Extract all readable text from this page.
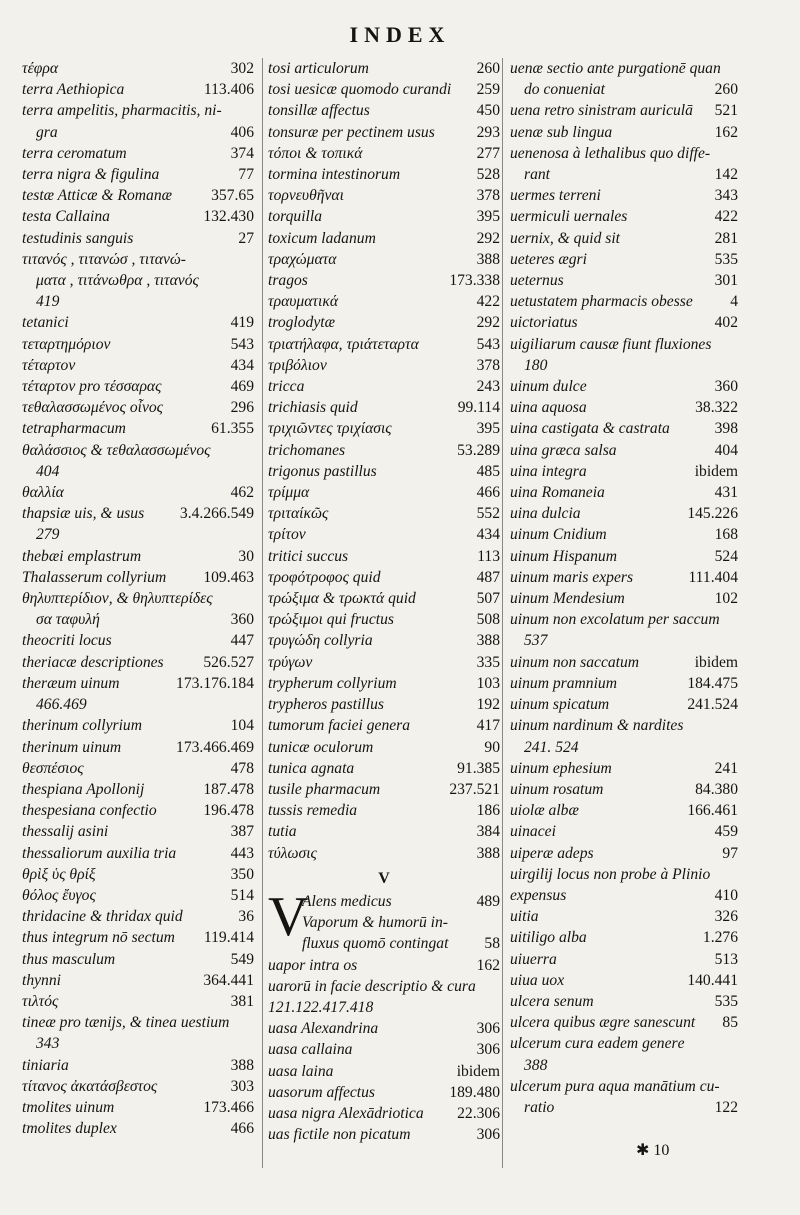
INDEX
τέφρα	302
terra Aethiopica	113.406
terra ampelitis, pharmacitis, ni-
gra	406
terra ceromatum	374
terra nigra & figulina	77
testæ Atticæ & Romanæ	357.65
testa Callaina	132.430
testudinis sanguis	27
τιτανός , τιτανώσ , τιτανώ-
ματα , τιτάνωθρα , τιτανός
419
tetanici	419
τεταρτημόριον	543
τέταρτον	434
τέταρτον pro τέσσαρας	469
τεθαλασσωμένος οἶνος	296
tetrapharmacum	61.355
θαλάσσιος & τεθαλασσωμένος
404
θαλλία	462
thapsiæ uis, & usus	3.4.266.549
279
thebæi emplastrum	30
Thalasserum collyrium	109.463
θηλυπτερίδιον, & θηλυπτερίδες
σα ταφυλή	360
theocriti locus	447
theriacæ descriptiones	526.527
theræum uinum	173.176.184
466.469
therinum collyrium	104
therinum uinum	173.466.469
θεσπέσιος	478
thespiana Apollonij	187.478
thespesiana confectio	196.478
thessalij asini	387
thessaliorum auxilia tria	443
θρὶξ ὑς θρίξ	350
θόλος ἔυγος	514
thridacine & thridax quid	36
thus integrum nō sectum	119.414
thus masculum	549
thynni	364.441
τιλτός	381
tineæ pro tænijs, & tinea uestium
343
tiniaria	388
τίτανος ἀκατάσβεστος	303
tmolites uinum	173.466
tmolites duplex	466
tosi articulorum	260
tosi uesicæ quomodo curandi	259
tonsillæ affectus	450
tonsuræ per pectinem usus	293
τόποι & τοπικά	277
tormina intestinorum	528
τορνευθῆναι	378
torquilla	395
toxicum ladanum	292
τραχώματα	388
tragos	173.338
τραυματικά	422
troglodytæ	292
τριατήλαφα, τριάτεταρτα	543
τριβόλιον	378
tricca	243
trichiasis quid	99.114
τριχιῶντες τριχίασις	395
trichomanes	53.289
trigonus pastillus	485
τρίμμα	466
τριταίκῶς	552
τρίτον	434
tritici succus	113
τροφότροφος quid	487
τρώξιμα & τρωκτά quid	507
τρώξιμοι qui fructus	508
τρυγώδη collyria	388
τρύγων	335
trypherum collyrium	103
trypheros pastillus	192
tumorum faciei genera	417
tunicæ oculorum	90
tunica agnata	91.385
tusile pharmacum	237.521
tussis remedia	186
tutia	384
τύλωσις	388
V
V
Alens medicus	489
Vaporum & humorū in-
fluxus quomō contingat	58
uapor intra os	162
uarorū in facie descriptio & cura
121.122.417.418
uasa Alexandrina	306
uasa callaina	306
uasa laina	ibidem
uasorum affectus	189.480
uasa nigra Alexādriotica	22.306
uas fictile non picatum	306
uenæ sectio ante purgationē quan
do conueniat	260
uena retro sinistram auriculā	521
uenæ sub lingua	162
uenenosa à lethalibus quo diffe-
rant	142
uermes terreni	343
uermiculi uernales	422
uernix, & quid sit	281
ueteres ægri	535
ueternus	301
uetustatem pharmacis obesse	4
uictoriatus	402
uigiliarum causæ fiunt fluxiones
180
uinum dulce	360
uina aquosa	38.322
uina castigata & castrata	398
uina græca salsa	404
uina integra	ibidem
uina Romaneia	431
uina dulcia	145.226
uinum Cnidium	168
uinum Hispanum	524
uinum maris expers	111.404
uinum Mendesium	102
uinum non excolatum per saccum
537
uinum non saccatum	ibidem
uinum pramnium	184.475
uinum spicatum	241.524
uinum nardinum & nardites
241. 524
uinum ephesium	241
uinum rosatum	84.380
uiolæ albæ	166.461
uinacei	459
uiperæ adeps	97
uirgilij locus non probe à Plinio
expensus	410
uitia	326
uitiligo alba	1.276
uiuerra	513
uiua uox	140.441
ulcera senum	535
ulcera quibus ægre sanescunt	85
ulcerum cura eadem generе
388
ulcerum pura aqua manātium cu-
ratio	122
✱ 10
